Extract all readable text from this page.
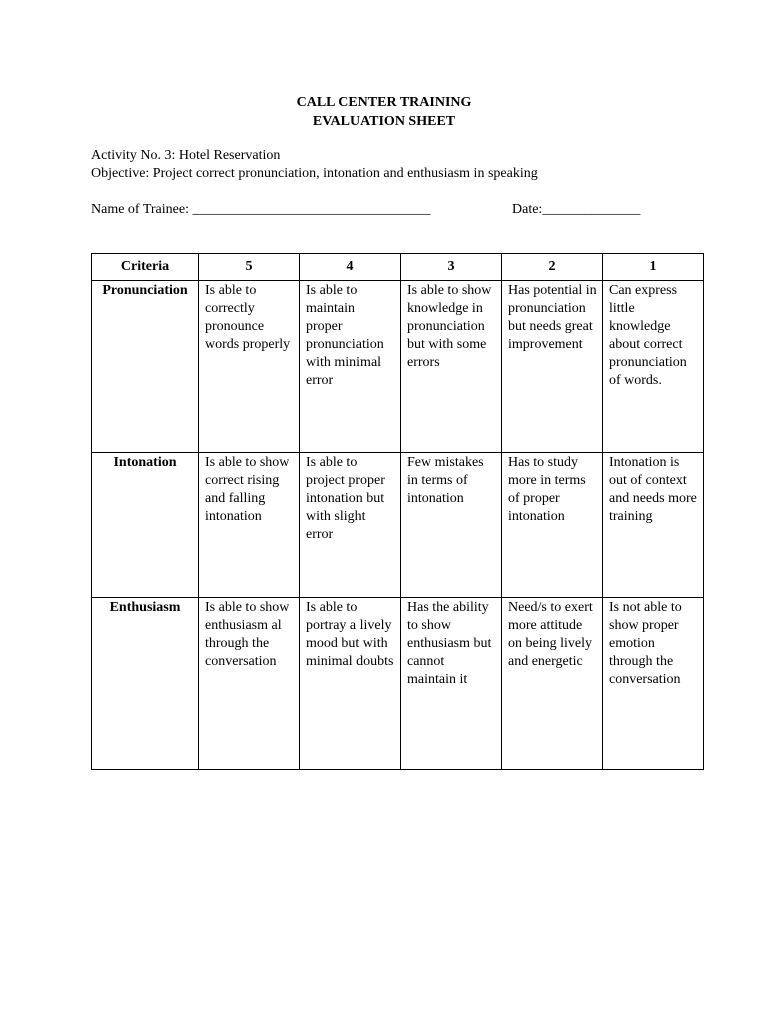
CALL CENTER TRAINING
EVALUATION SHEET
Activity No. 3: Hotel Reservation
Objective: Project correct pronunciation, intonation and enthusiasm in speaking
Name of Trainee: __________________________________	Date:______________
Criteria	5	4	3	2	1
Pronunciation	Is able to correctly pronounce words properly	Is able to maintain proper pronunciation with minimal error	Is able to show knowledge in pronunciation but with some errors	Has potential in pronunciation but needs great improvement	Can express little knowledge about correct pronunciation of words.
Intonation	Is able to show correct rising and falling intonation	Is able to project proper intonation but with slight error	Few mistakes in terms of intonation	Has to study more in terms of proper intonation	Intonation is out of context and needs more training
Enthusiasm	Is able to show enthusiasm al through the conversation	Is able to portray a lively mood but with minimal doubts	Has the ability to show enthusiasm but cannot maintain it	Need/s to exert more attitude on being lively and energetic	Is not able to show proper emotion through the conversation
